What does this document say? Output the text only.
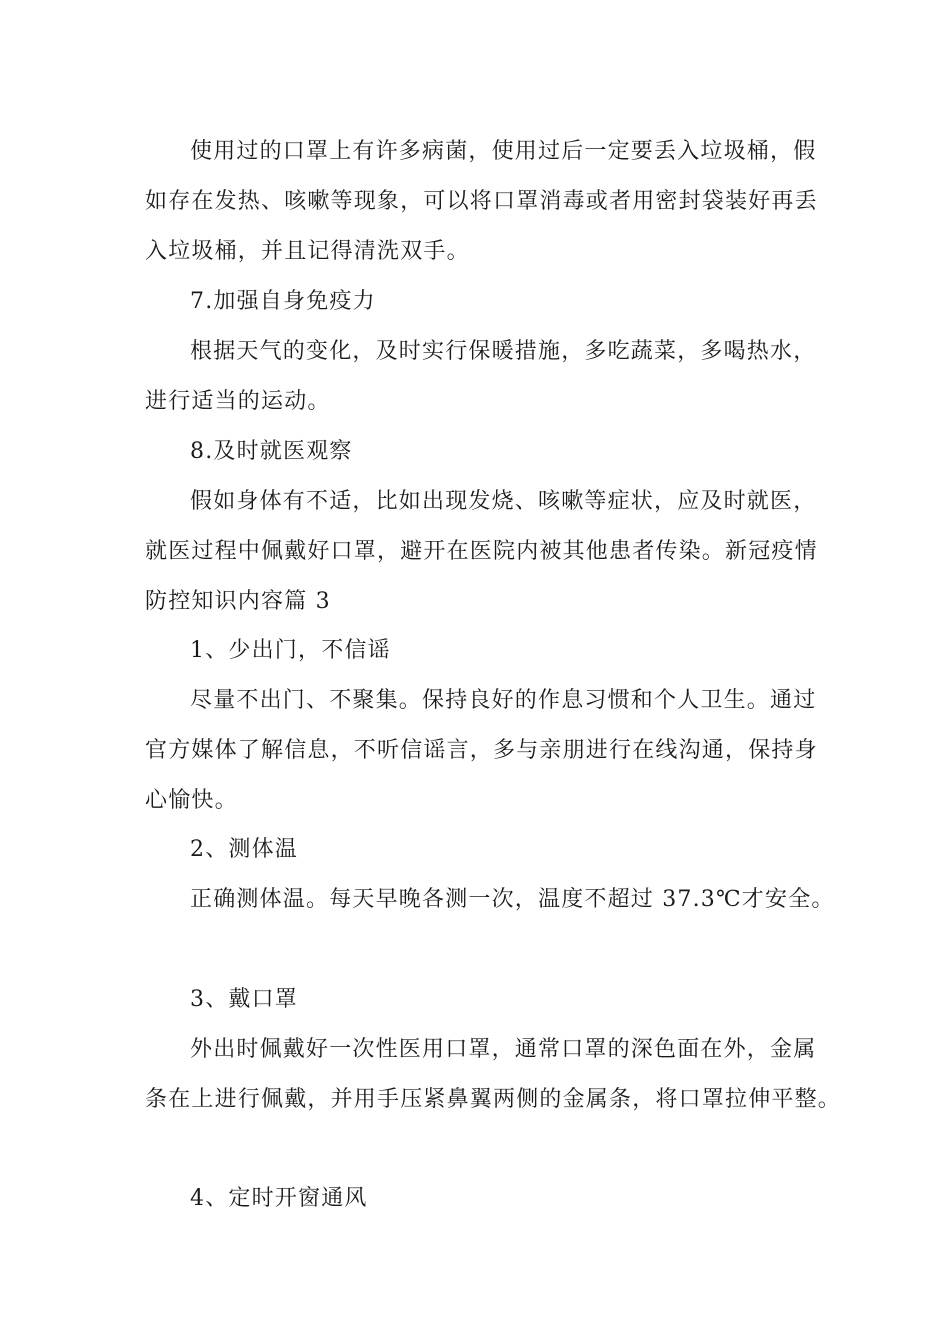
使用过的口罩上有许多病菌，使用过后一定要丢入垃圾桶，假
如存在发热、咳嗽等现象，可以将口罩消毒或者用密封袋装好再丢
入垃圾桶，并且记得清洗双手。
7.加强自身免疫力
根据天气的变化，及时实行保暖措施，多吃蔬菜，多喝热水，
进行适当的运动。
8.及时就医观察
假如身体有不适，比如出现发烧、咳嗽等症状，应及时就医，
就医过程中佩戴好口罩，避开在医院内被其他患者传染。新冠疫情
防控知识内容篇 3
1、少出门，不信谣
尽量不出门、不聚集。保持良好的作息习惯和个人卫生。通过
官方媒体了解信息，不听信谣言，多与亲朋进行在线沟通，保持身
心愉快。
2、测体温
正确测体温。每天早晚各测一次，温度不超过 37.3℃才安全。
3、戴口罩
外出时佩戴好一次性医用口罩，通常口罩的深色面在外，金属
条在上进行佩戴，并用手压紧鼻翼两侧的金属条，将口罩拉伸平整。
4、定时开窗通风
